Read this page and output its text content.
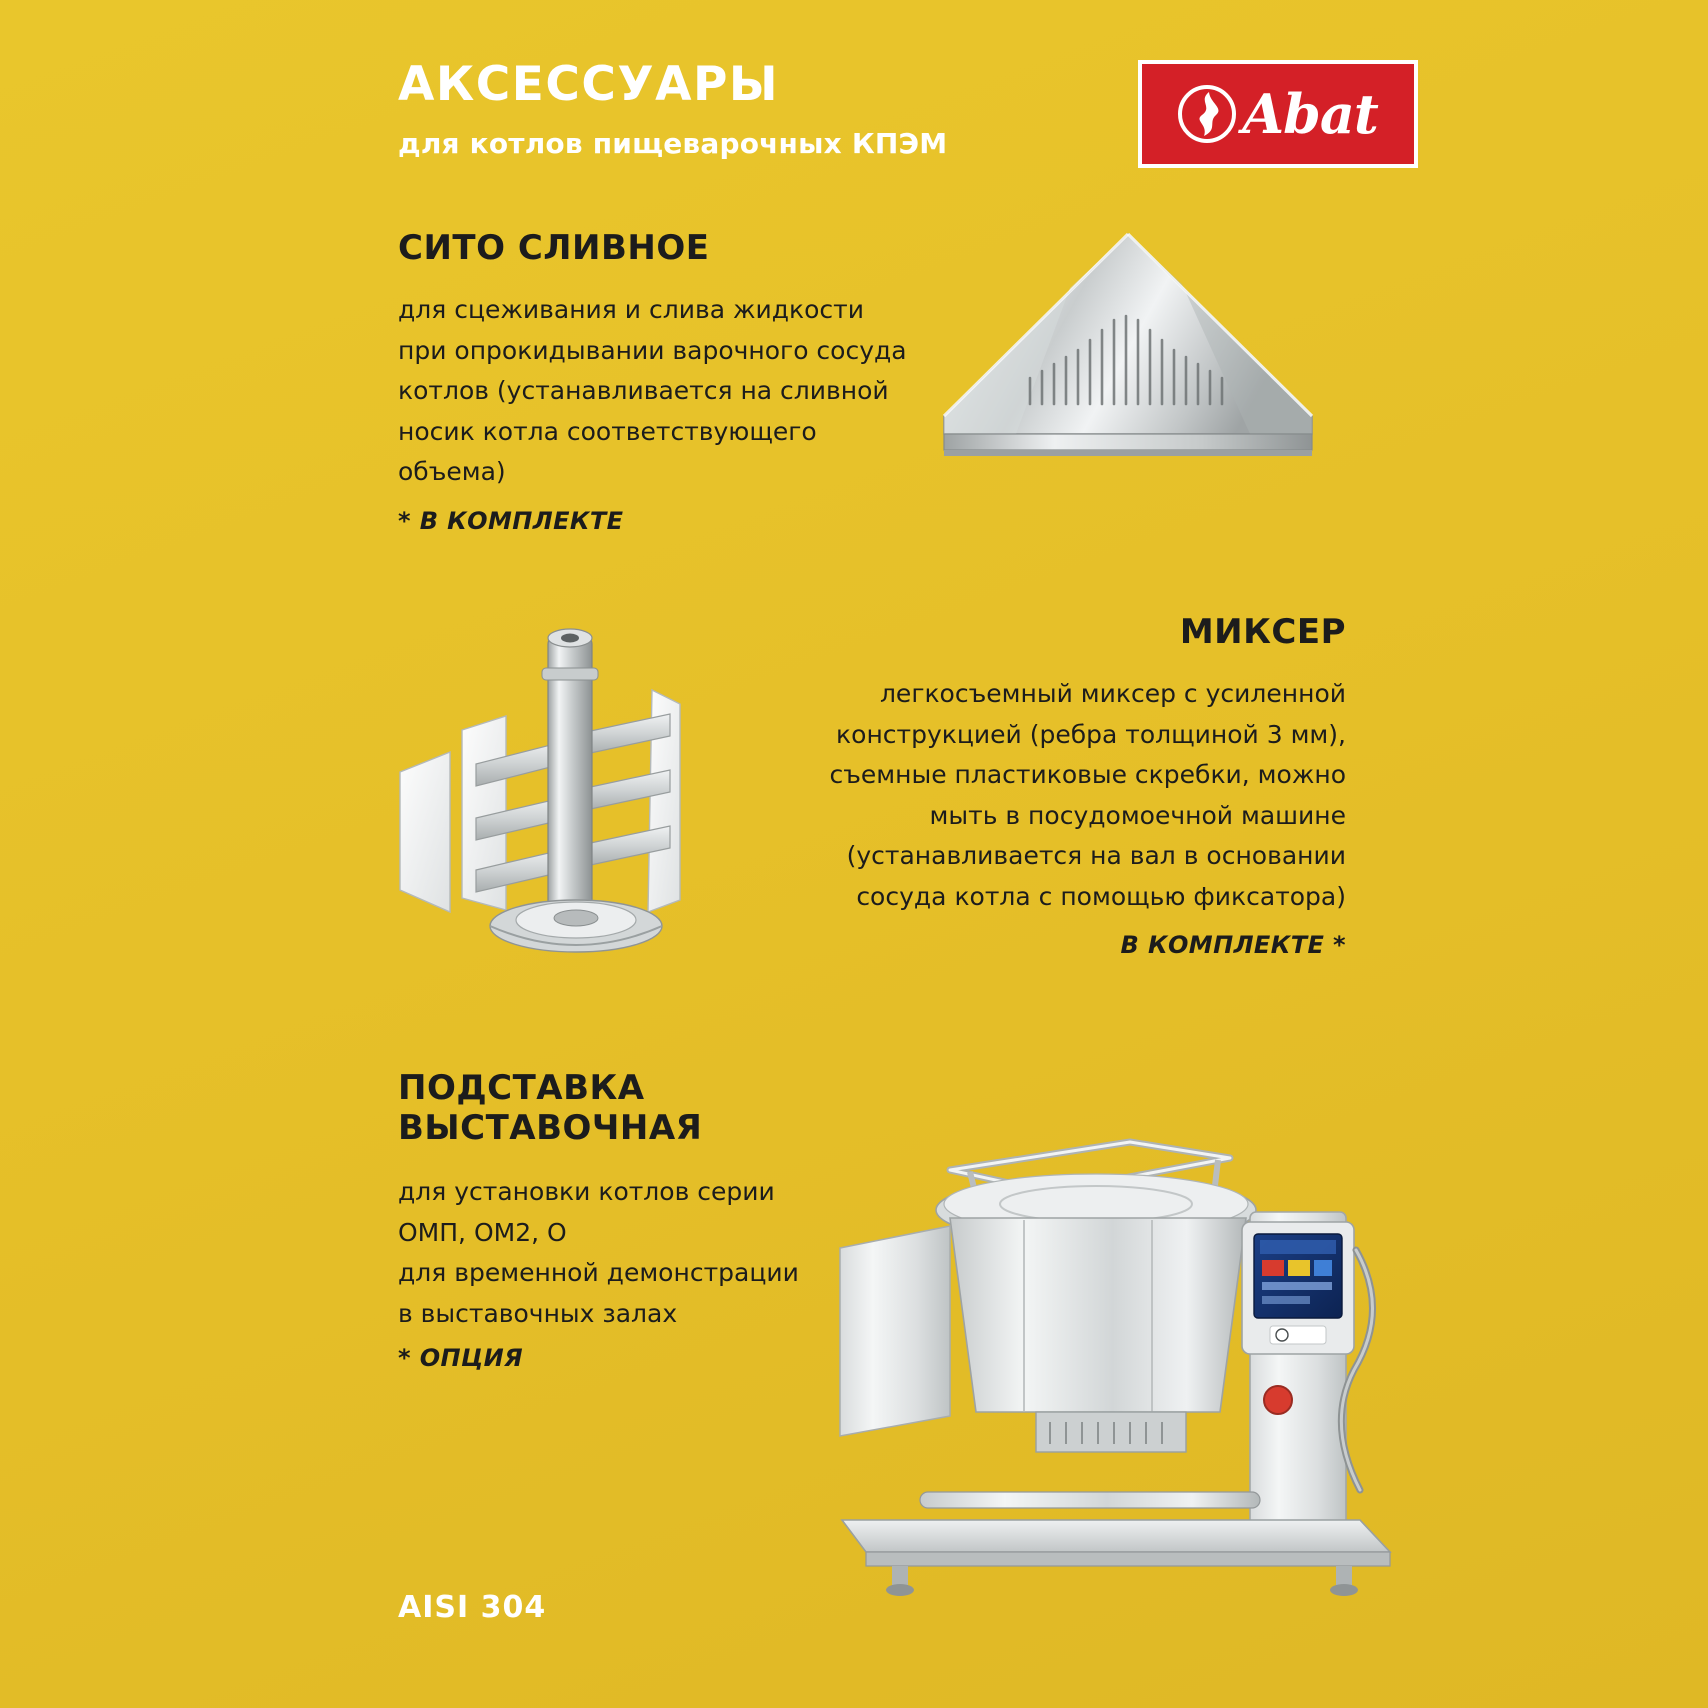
АКСЕССУАРЫ
для котлов пищеварочных КПЭМ	Abat
СИТО СЛИВНОЕ
для сцеживания и слива жидкости при опрокидывании варочного сосуда котлов (устанавливается на сливной носик котла соответствующего объема)
* В КОМПЛЕКТЕ
МИКСЕР
легкосъемный миксер с усиленной конструкцией (ребра толщиной 3 мм), съемные пластиковые скребки, можно мыть в посудомоечной машине (устанавливается на вал в основании сосуда котла с помощью фиксатора)
В КОМПЛЕКТЕ *
ПОДСТАВКА ВЫСТАВОЧНАЯ
для установки котлов серии
ОМП, ОМ2, О
для временной демонстрации
в выставочных залах
* ОПЦИЯ
AISI 304
